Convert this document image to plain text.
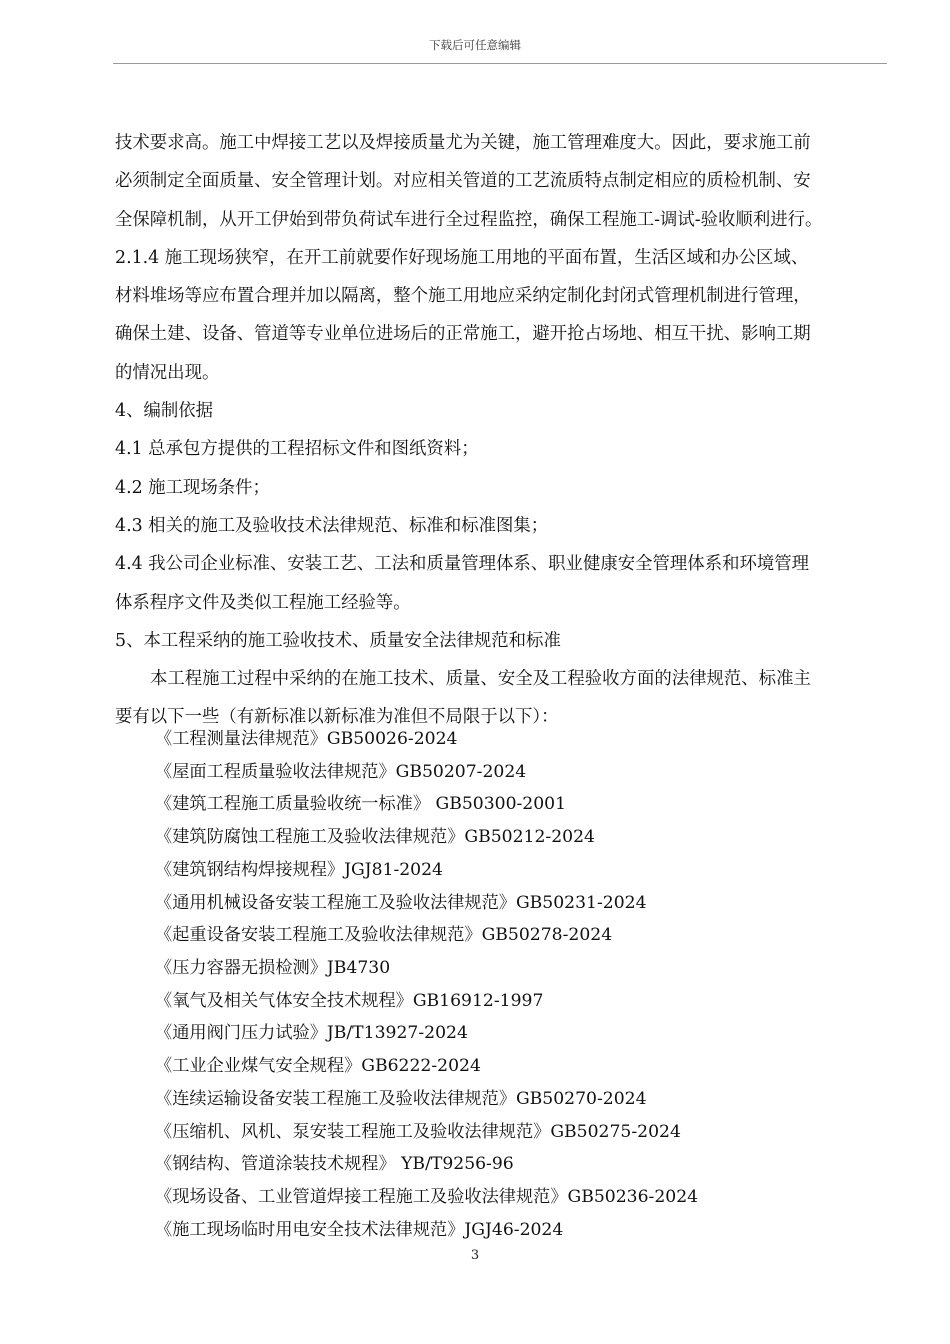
下载后可任意编辑
技术要求高。施工中焊接工艺以及焊接质量尤为关键，施工管理难度大。因此，要求施工前
必须制定全面质量、安全管理计划。对应相关管道的工艺流质特点制定相应的质检机制、安
全保障机制，从开工伊始到带负荷试车进行全过程监控，确保工程施工-调试-验收顺利进行。
2.1.4 施工现场狭窄，在开工前就要作好现场施工用地的平面布置，生活区域和办公区域、
材料堆场等应布置合理并加以隔离，整个施工用地应采纳定制化封闭式管理机制进行管理，
确保土建、设备、管道等专业单位进场后的正常施工，避开抢占场地、相互干扰、影响工期
的情况出现。
4、编制依据
4.1 总承包方提供的工程招标文件和图纸资料；
4.2 施工现场条件；
4.3 相关的施工及验收技术法律规范、标准和标准图集；
4.4 我公司企业标准、安装工艺、工法和质量管理体系、职业健康安全管理体系和环境管理
体系程序文件及类似工程施工经验等。
5、本工程采纳的施工验收技术、质量安全法律规范和标准
本工程施工过程中采纳的在施工技术、质量、安全及工程验收方面的法律规范、标准主
要有以下一些（有新标准以新标准为准但不局限于以下）：
《工程测量法律规范》GB50026-2024
《屋面工程质量验收法律规范》GB50207-2024
《建筑工程施工质量验收统一标准》 GB50300-2001
《建筑防腐蚀工程施工及验收法律规范》GB50212-2024
《建筑钢结构焊接规程》JGJ81-2024
《通用机械设备安装工程施工及验收法律规范》GB50231-2024
《起重设备安装工程施工及验收法律规范》GB50278-2024
《压力容器无损检测》JB4730
《氧气及相关气体安全技术规程》GB16912-1997
《通用阀门压力试验》JB/T13927-2024
《工业企业煤气安全规程》GB6222-2024
《连续运输设备安装工程施工及验收法律规范》GB50270-2024
《压缩机、风机、泵安装工程施工及验收法律规范》GB50275-2024
《钢结构、管道涂装技术规程》 YB/T9256-96
《现场设备、工业管道焊接工程施工及验收法律规范》GB50236-2024
《施工现场临时用电安全技术法律规范》JGJ46-2024
3
